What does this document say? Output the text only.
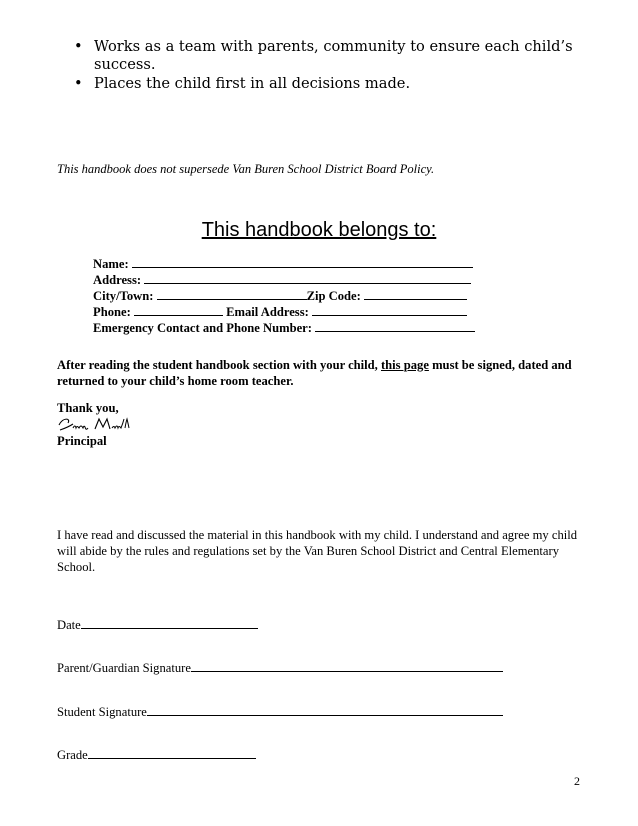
• Works as a team with parents, community to ensure each child’s success.
• Places the child first in all decisions made.
This handbook does not supersede Van Buren School District Board Policy.
This handbook belongs to:
Name:
Address:
City/Town:	Zip Code:
Phone:	Email Address:
Emergency Contact and Phone Number:
After reading the student handbook section with your child, this page must be signed, dated and returned to your child’s home room teacher.
Thank you,
Principal
I have read and discussed the material in this handbook with my child. I understand and agree my child will abide by the rules and regulations set by the Van Buren School District and Central Elementary School.
Date
Parent/Guardian Signature
Student Signature
Grade
2
